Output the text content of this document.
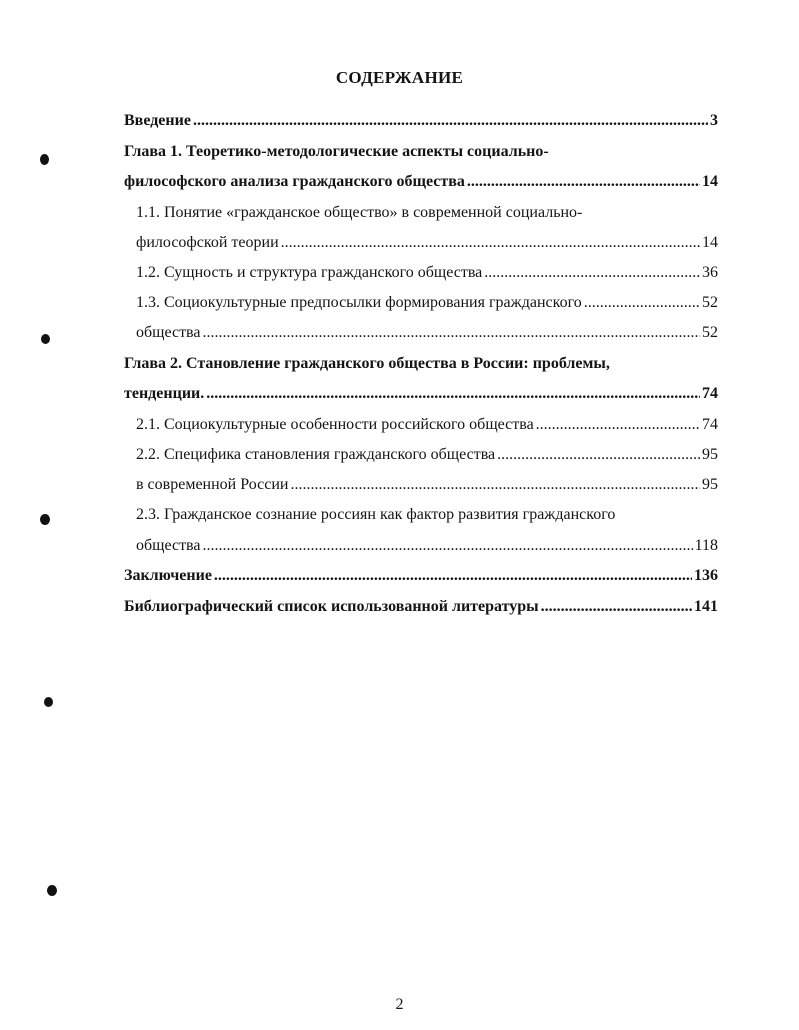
СОДЕРЖАНИЕ
Введение .....	3
Глава 1. Теоретико-методологические аспекты социально-
философского анализа гражданского общества .....	14
1.1. Понятие «гражданское общество» в современной социально-
философской теории .....	14
1.2. Сущность и структура гражданского общества .....	36
1.3. Социокультурные предпосылки формирования гражданского .....	52
общества .....	52
Глава 2. Становление гражданского общества в России: проблемы,
тенденции. .....	74
2.1. Социокультурные особенности российского общества .....	74
2.2. Специфика становления гражданского общества .....	95
в современной России .....	95
2.3. Гражданское сознание россиян как фактор развития гражданского
общества .....	118
Заключение .....	136
Библиографический список использованной литературы .....	141
2
